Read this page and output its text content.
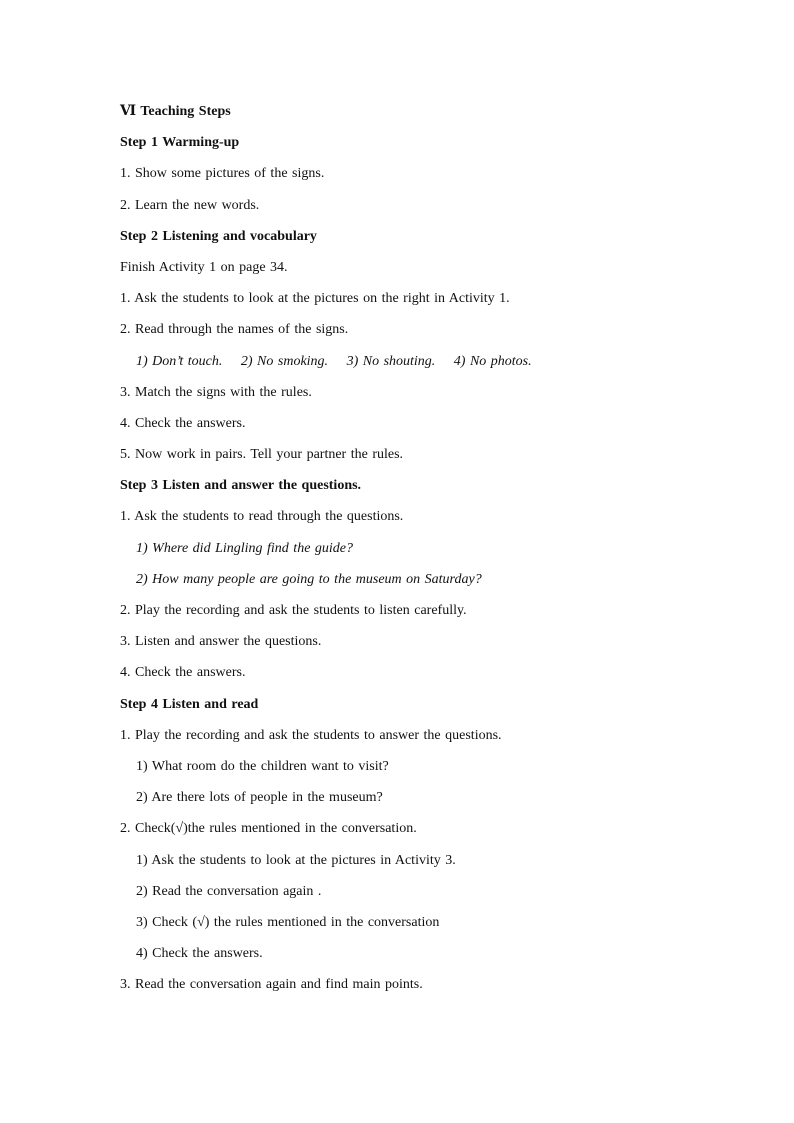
Ⅵ Teaching Steps
Step 1 Warming-up
1. Show some pictures of the signs.
2. Learn the new words.
Step 2 Listening and vocabulary
Finish Activity 1 on page 34.
1. Ask the students to look at the pictures on the right in Activity 1.
2. Read through the names of the signs.
1) Don’t touch. 2) No smoking. 3) No shouting. 4) No photos.
3. Match the signs with the rules.
4. Check the answers.
5. Now work in pairs. Tell your partner the rules.
Step 3 Listen and answer the questions.
1. Ask the students to read through the questions.
1) Where did Lingling find the guide?
2) How many people are going to the museum on Saturday?
2. Play the recording and ask the students to listen carefully.
3. Listen and answer the questions.
4. Check the answers.
Step 4 Listen and read
1. Play the recording and ask the students to answer the questions.
1) What room do the children want to visit?
2) Are there lots of people in the museum?
2. Check(√)the rules mentioned in the conversation.
1) Ask the students to look at the pictures in Activity 3.
2) Read the conversation again .
3) Check (√) the rules mentioned in the conversation
4) Check the answers.
3. Read the conversation again and find main points.
